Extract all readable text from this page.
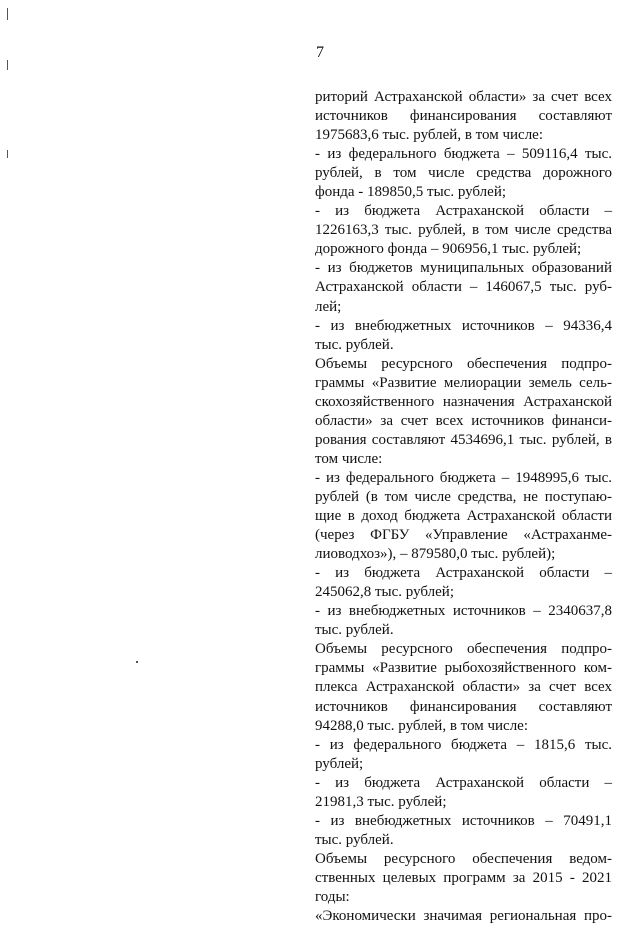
7
риторий Астраханской области» за счет всех
источников финансирования составляют
1975683,6 тыс. рублей, в том числе:
- из федерального бюджета – 509116,4 тыс.
рублей, в том числе средства дорожного
фонда - 189850,5 тыс. рублей;
- из бюджета Астраханской области –
1226163,3 тыс. рублей, в том числе средства
дорожного фонда – 906956,1 тыс. рублей;
- из бюджетов муниципальных образований
Астраханской области – 146067,5 тыс. руб-
лей;
- из внебюджетных источников – 94336,4
тыс. рублей.
Объемы ресурсного обеспечения подпро-
граммы «Развитие мелиорации земель сель-
скохозяйственного назначения Астраханской
области» за счет всех источников финанси-
рования составляют 4534696,1 тыс. рублей, в
том числе:
- из федерального бюджета – 1948995,6 тыс.
рублей (в том числе средства, не поступаю-
щие в доход бюджета Астраханской области
(через ФГБУ «Управление «Астраханме-
лиоводхоз»), – 879580,0 тыс. рублей);
- из бюджета Астраханской области –
245062,8 тыс. рублей;
- из внебюджетных источников – 2340637,8
тыс. рублей.
Объемы ресурсного обеспечения подпро-
граммы «Развитие рыбохозяйственного ком-
плекса Астраханской области» за счет всех
источников финансирования составляют
94288,0 тыс. рублей, в том числе:
- из федерального бюджета – 1815,6 тыс.
рублей;
- из бюджета Астраханской области –
21981,3 тыс. рублей;
- из внебюджетных источников – 70491,1
тыс. рублей.
Объемы ресурсного обеспечения ведом-
ственных целевых программ за 2015 - 2021
годы:
«Экономически значимая региональная про-
